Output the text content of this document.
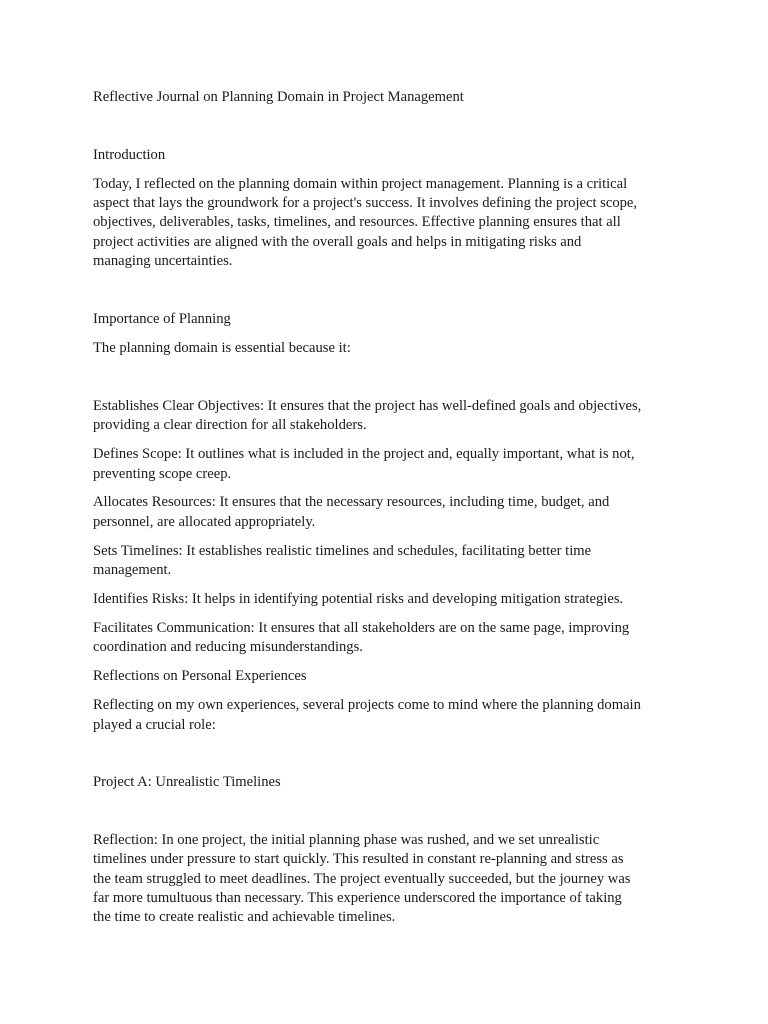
Reflective Journal on Planning Domain in Project Management
Introduction
Today, I reflected on the planning domain within project management. Planning is a critical
aspect that lays the groundwork for a project's success. It involves defining the project scope,
objectives, deliverables, tasks, timelines, and resources. Effective planning ensures that all
project activities are aligned with the overall goals and helps in mitigating risks and
managing uncertainties.
Importance of Planning
The planning domain is essential because it:
Establishes Clear Objectives: It ensures that the project has well-defined goals and objectives,
providing a clear direction for all stakeholders.
Defines Scope: It outlines what is included in the project and, equally important, what is not,
preventing scope creep.
Allocates Resources: It ensures that the necessary resources, including time, budget, and
personnel, are allocated appropriately.
Sets Timelines: It establishes realistic timelines and schedules, facilitating better time
management.
Identifies Risks: It helps in identifying potential risks and developing mitigation strategies.
Facilitates Communication: It ensures that all stakeholders are on the same page, improving
coordination and reducing misunderstandings.
Reflections on Personal Experiences
Reflecting on my own experiences, several projects come to mind where the planning domain
played a crucial role:
Project A: Unrealistic Timelines
Reflection: In one project, the initial planning phase was rushed, and we set unrealistic
timelines under pressure to start quickly. This resulted in constant re-planning and stress as
the team struggled to meet deadlines. The project eventually succeeded, but the journey was
far more tumultuous than necessary. This experience underscored the importance of taking
the time to create realistic and achievable timelines.
